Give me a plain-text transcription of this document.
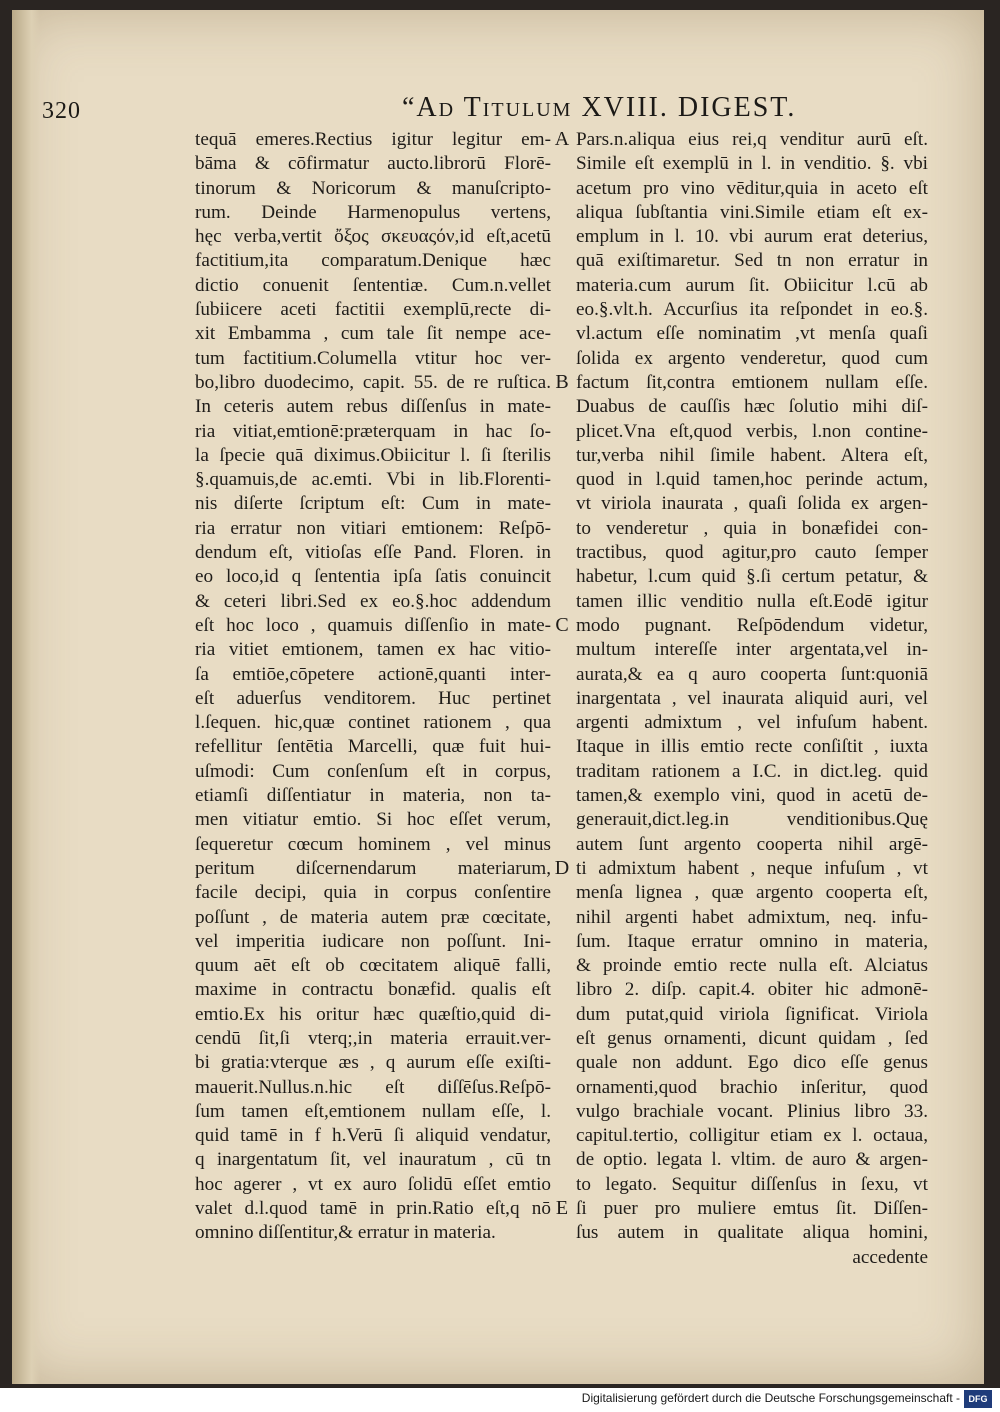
320	“Ad Titulum XVIII. DIGEST.
tequā emeres.Rectius igitur legitur em-
bāma & cōfirmatur aucto.librorū Florē-
tinorum & Noricorum & manuſcripto-
rum. Deinde Harmenopulus vertens,
hęc verba,vertit ὄξος σκευαςόν,id eſt,acetū
factitium,ita comparatum.Denique hæc
dictio conuenit ſententiæ. Cum.n.vellet
ſubiicere aceti factitii exemplū,recte di-
xit Embamma , cum tale ſit nempe ace-
tum factitium.Columella vtitur hoc ver-
bo,libro duodecimo, capit. 55. de re ruſtica.
In ceteris autem rebus diſſenſus in mate-
ria vitiat,emtionē:præterquam in hac ſo-
la ſpecie quā diximus.Obiicitur l. ſi ſterilis
§.quamuis,de ac.emti. Vbi in lib.Florenti-
nis diſerte ſcriptum eſt: Cum in mate-
ria erratur non vitiari emtionem: Reſpō-
dendum eſt, vitioſas eſſe Pand. Floren. in
eo loco,id q ſententia ipſa ſatis conuincit
& ceteri libri.Sed ex eo.§.hoc addendum
eſt hoc loco , quamuis diſſenſio in mate-
ria vitiet emtionem, tamen ex hac vitio-
ſa emtiōe,cōpetere actionē,quanti inter-
eſt aduerſus venditorem. Huc pertinet
l.ſequen. hic,quæ continet rationem , qua
refellitur ſentētia Marcelli, quæ fuit hui-
uſmodi: Cum conſenſum eſt in corpus,
etiamſi diſſentiatur in materia, non ta-
men vitiatur emtio. Si hoc eſſet verum,
ſequeretur cœcum hominem , vel minus
peritum diſcernendarum materiarum,
facile decipi, quia in corpus conſentire
poſſunt , de materia autem præ cœcitate,
vel imperitia iudicare non poſſunt. Ini-
quum aēt eſt ob cœcitatem aliquē falli,
maxime in contractu bonæfid. qualis eſt
emtio.Ex his oritur hæc quæſtio,quid di-
cendū ſit,ſi vterq;,in materia errauit.ver-
bi gratia:vterque æs , q aurum eſſe exiſti-
mauerit.Nullus.n.hic eſt diſſēſus.Reſpō-
ſum tamen eſt,emtionem nullam eſſe, l.
quid tamē in f h.Verū ſi aliquid vendatur,
q inargentatum ſit, vel inauratum , cū tn
hoc agerer , vt ex auro ſolidū eſſet emtio
valet d.l.quod tamē in prin.Ratio eſt,q nō
omnino diſſentitur,& erratur in materia.
Pars.n.aliqua eius rei,q venditur aurū eſt.
Simile eſt exemplū in l. in venditio. §. vbi
acetum pro vino vēditur,quia in aceto eſt
aliqua ſubſtantia vini.Simile etiam eſt ex-
emplum in l. 10. vbi aurum erat deterius,
quā exiſtimaretur. Sed tn non erratur in
materia.cum aurum ſit. Obiicitur l.cū ab
eo.§.vlt.h. Accurſius ita reſpondet in eo.§.
vl.actum eſſe nominatim ,vt menſa quaſi
ſolida ex argento venderetur, quod cum
factum ſit,contra emtionem nullam eſſe.
Duabus de cauſſis hæc ſolutio mihi diſ-
plicet.Vna eſt,quod verbis, l.non contine-
tur,verba nihil ſimile habent. Altera eſt,
quod in l.quid tamen,hoc perinde actum,
vt viriola inaurata , quaſi ſolida ex argen-
to venderetur , quia in bonæfidei con-
tractibus, quod agitur,pro cauto ſemper
habetur, l.cum quid §.ſi certum petatur, &
tamen illic venditio nulla eſt.Eodē igitur
modo pugnant. Reſpōdendum videtur,
multum intereſſe inter argentata,vel in-
aurata,& ea q auro cooperta ſunt:quoniā
inargentata , vel inaurata aliquid auri, vel
argenti admixtum , vel infuſum habent.
Itaque in illis emtio recte conſiſtit , iuxta
traditam rationem a I.C. in dict.leg. quid
tamen,& exemplo vini, quod in acetū de-
generauit,dict.leg.in venditionibus.Quę
autem ſunt argento cooperta nihil argē-
ti admixtum habent , neque infuſum , vt
menſa lignea , quæ argento cooperta eſt,
nihil argenti habet admixtum, neq. infu-
ſum. Itaque erratur omnino in materia,
& proinde emtio recte nulla eſt. Alciatus
libro 2. diſp. capit.4. obiter hic admonē-
dum putat,quid viriola ſignificat. Viriola
eſt genus ornamenti, dicunt quidam , ſed
quale non addunt. Ego dico eſſe genus
ornamenti,quod brachio inſeritur, quod
vulgo brachiale vocant. Plinius libro 33.
capitul.tertio, colligitur etiam ex l. octaua,
de optio. legata l. vltim. de auro & argen-
to legato. Sequitur diſſenſus in ſexu, vt
ſi puer pro muliere emtus ſit. Diſſen-
ſus autem in qualitate aliqua homini,
accedente
A
B
C
D
E
Digitalisierung gefördert durch die Deutsche Forschungsgemeinschaft - DFG
